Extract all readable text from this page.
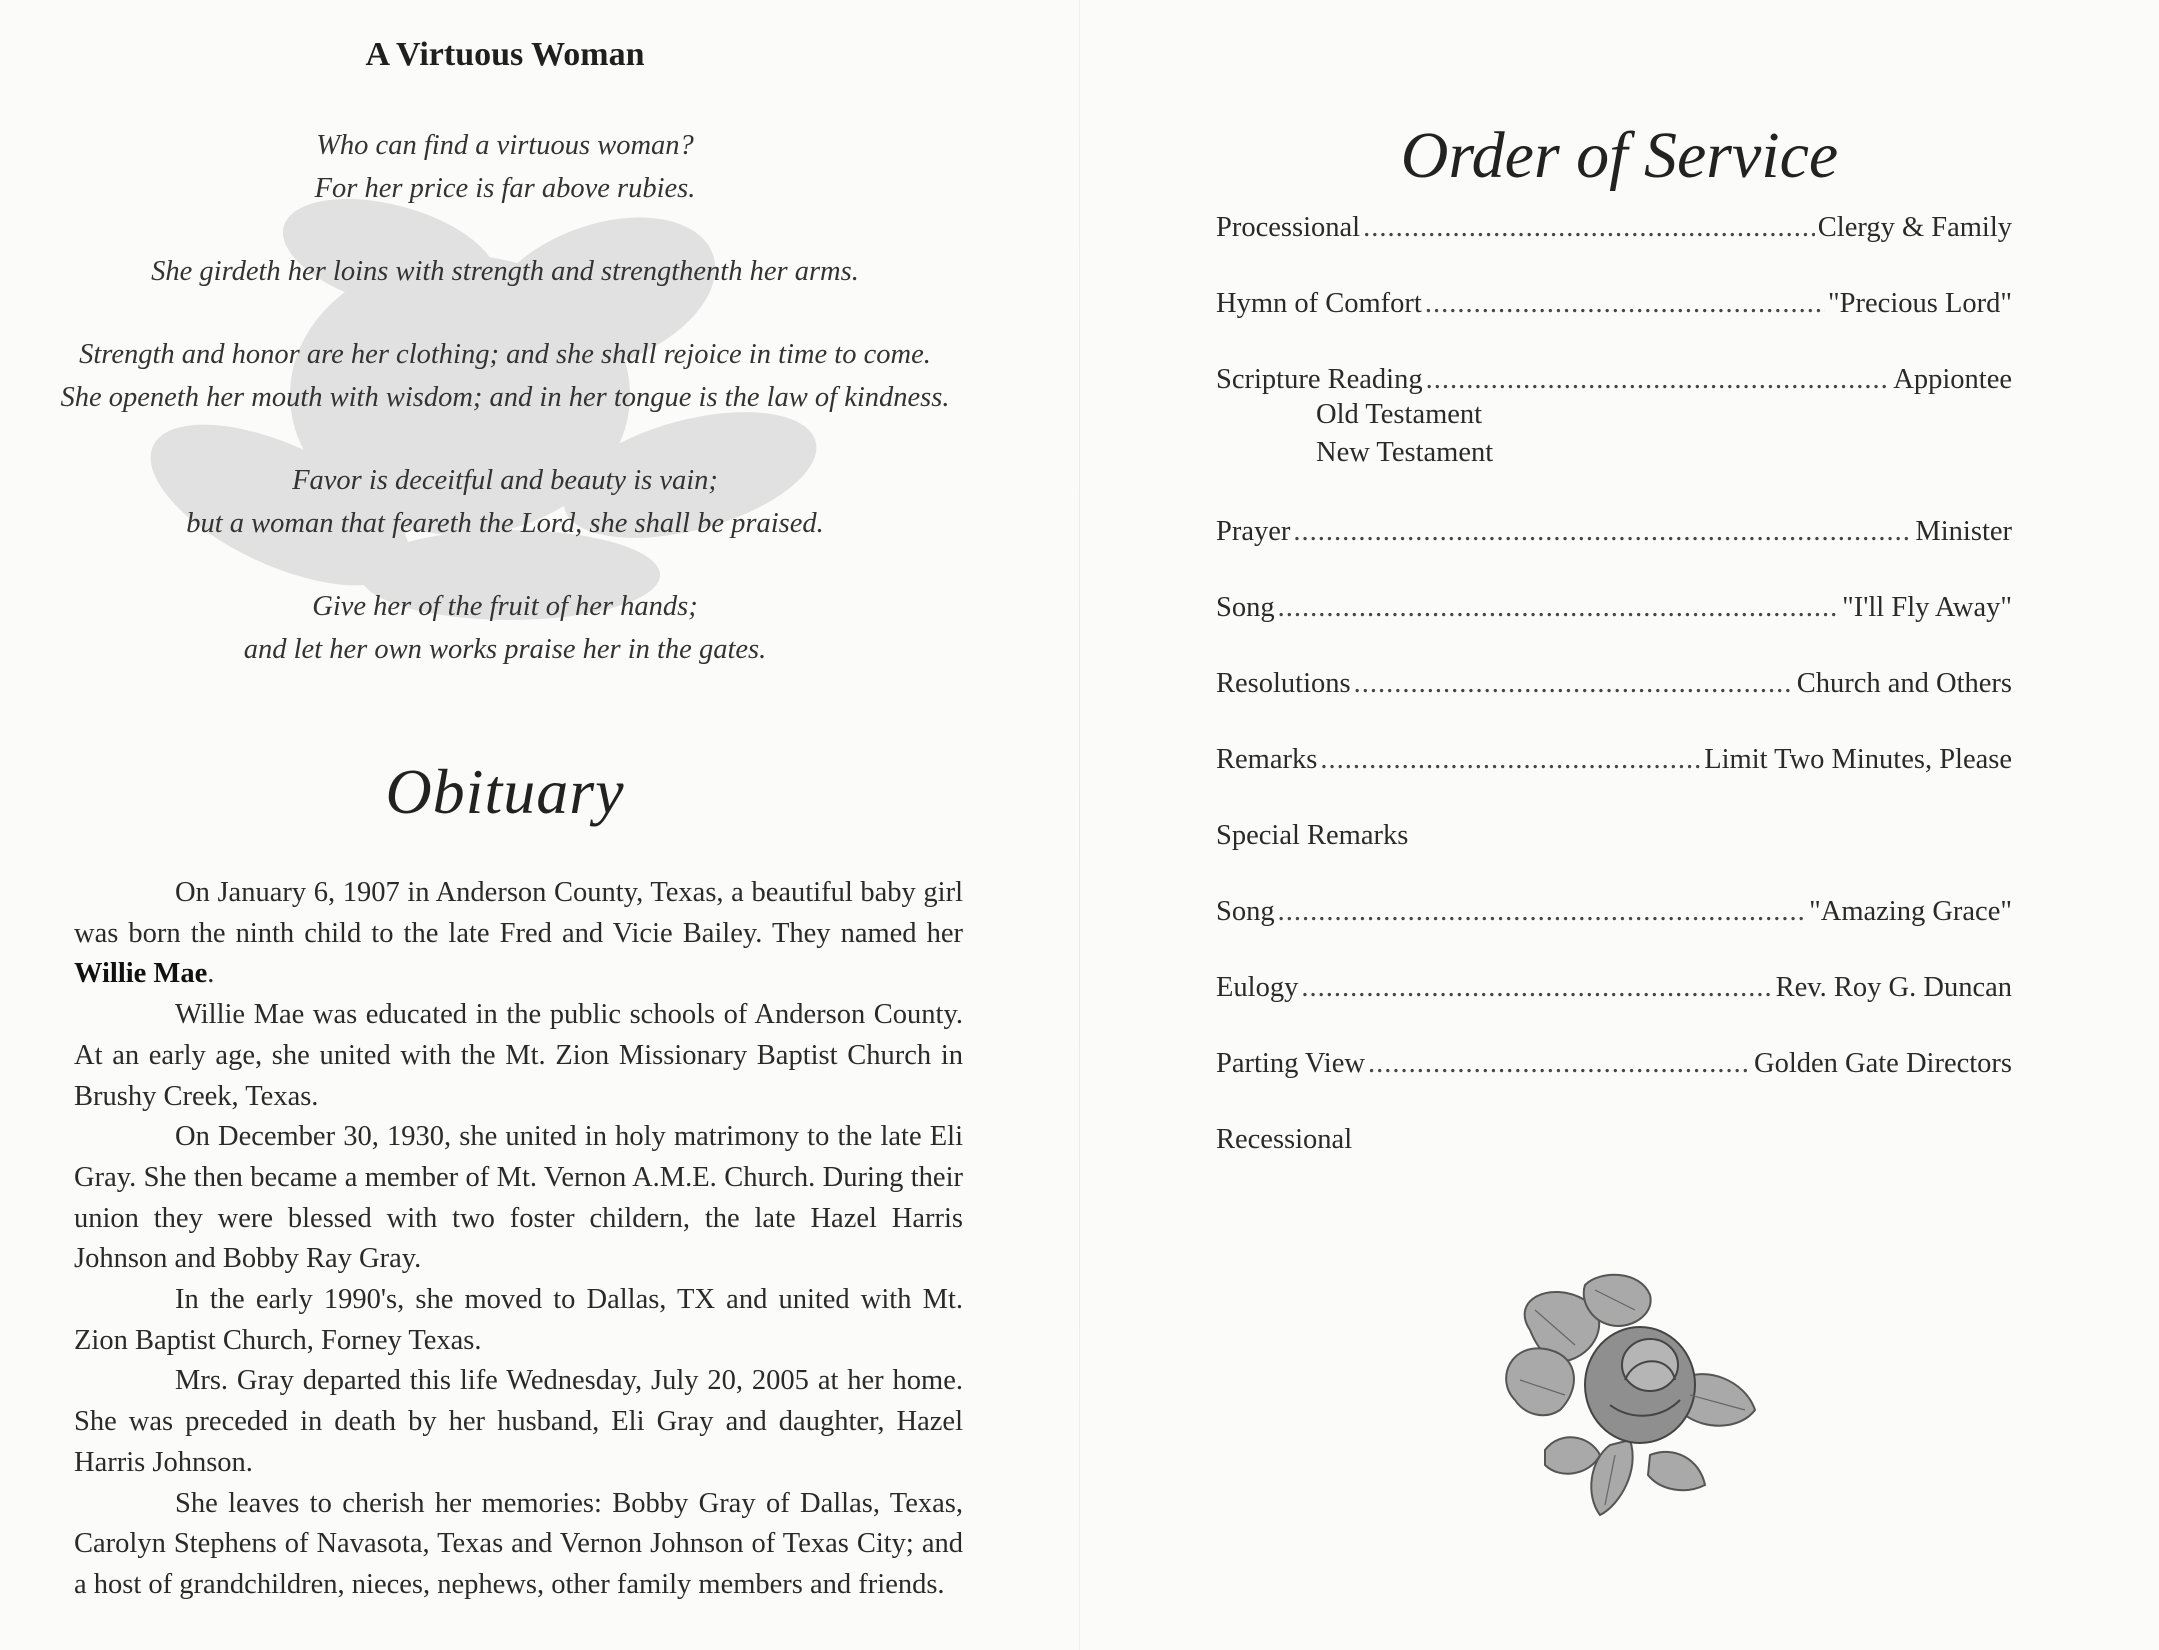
A Virtuous Woman
Who can find a virtuous woman?
For her price is far above rubies.
She girdeth her loins with strength and strengthenth her arms.
Strength and honor are her clothing; and she shall rejoice in time to come.
She openeth her mouth with wisdom; and in her tongue is the law of kindness.
Favor is deceitful and beauty is vain;
but a woman that feareth the Lord, she shall be praised.
Give her of the fruit of her hands;
and let her own works praise her in the gates.
Obituary

On January 6, 1907 in Anderson County, Texas, a beautiful baby girl was born the ninth child to the late Fred and Vicie Bailey. They named her Willie Mae.

Willie Mae was educated in the public schools of Anderson County. At an early age, she united with the Mt. Zion Missionary Baptist Church in Brushy Creek, Texas.

On December 30, 1930, she united in holy matrimony to the late Eli Gray. She then became a member of Mt. Vernon A.M.E. Church. During their union they were blessed with two foster childern, the late Hazel Harris Johnson and Bobby Ray Gray.

In the early 1990's, she moved to Dallas, TX and united with Mt. Zion Baptist Church, Forney Texas.

Mrs. Gray departed this life Wednesday, July 20, 2005 at her home. She was preceded in death by her husband, Eli Gray and daughter, Hazel Harris Johnson.

She leaves to cherish her memories: Bobby Gray of Dallas, Texas, Carolyn Stephens of Navasota, Texas and Vernon Johnson of Texas City; and a host of grandchildren, nieces, nephews, other family members and friends.

Order of Service
Processional .....	Clergy & Family
Hymn of Comfort .....	"Precious Lord"
Scripture Reading .....	Appiontee
Old Testament
New Testament
Prayer .....	Minister
Song .....	"I'll Fly Away"
Resolutions .....	Church and Others
Remarks .....	Limit Two Minutes, Please
Special Remarks
Song .....	"Amazing Grace"
Eulogy .....	Rev. Roy G. Duncan
Parting View .....	Golden Gate Directors
Recessional
